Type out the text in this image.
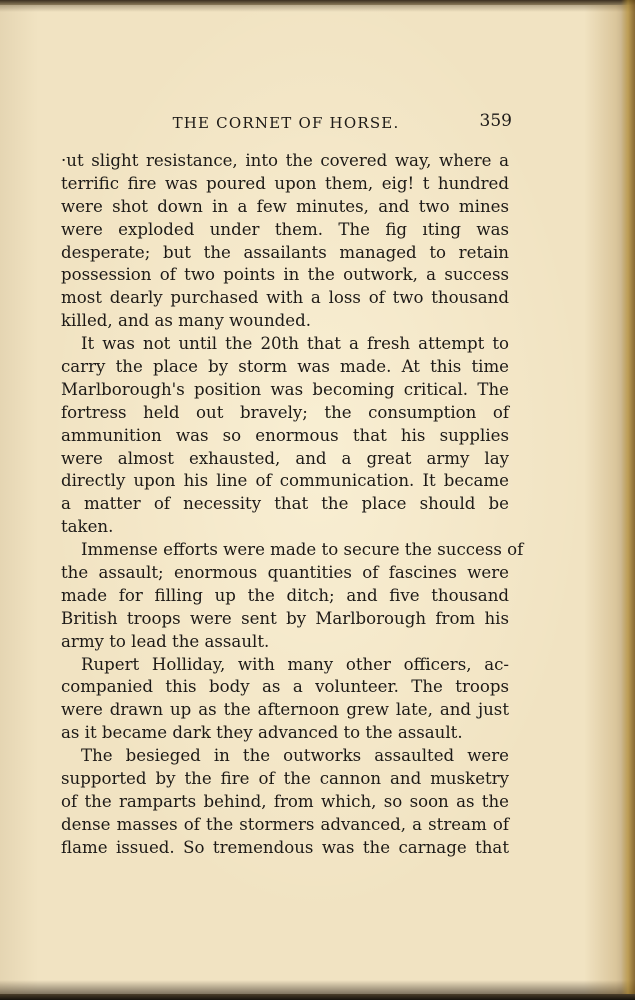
THE CORNET OF HORSE.	359
·ut slight resistance, into the covered way, where a
terrific fire was poured upon them, eig! t hundred
were shot down in a few minutes, and two mines
were exploded under them. The fig ıting was
desperate; but the assailants managed to retain
possession of two points in the outwork, a success
most dearly purchased with a loss of two thousand
killed, and as many wounded.
It was not until the 20th that a fresh attempt to
carry the place by storm was made. At this time
Marlborough's position was becoming critical. The
fortress held out bravely; the consumption of
ammunition was so enormous that his supplies
were almost exhausted, and a great army lay
directly upon his line of communication. It became
a matter of necessity that the place should be
taken.
Immense efforts were made to secure the success of
the assault; enormous quantities of fascines were
made for filling up the ditch; and five thousand
British troops were sent by Marlborough from his
army to lead the assault.
Rupert Holliday, with many other officers, ac-
companied this body as a volunteer. The troops
were drawn up as the afternoon grew late, and just
as it became dark they advanced to the assault.
The besieged in the outworks assaulted were
supported by the fire of the cannon and musketry
of the ramparts behind, from which, so soon as the
dense masses of the stormers advanced, a stream of
flame issued. So tremendous was the carnage that
